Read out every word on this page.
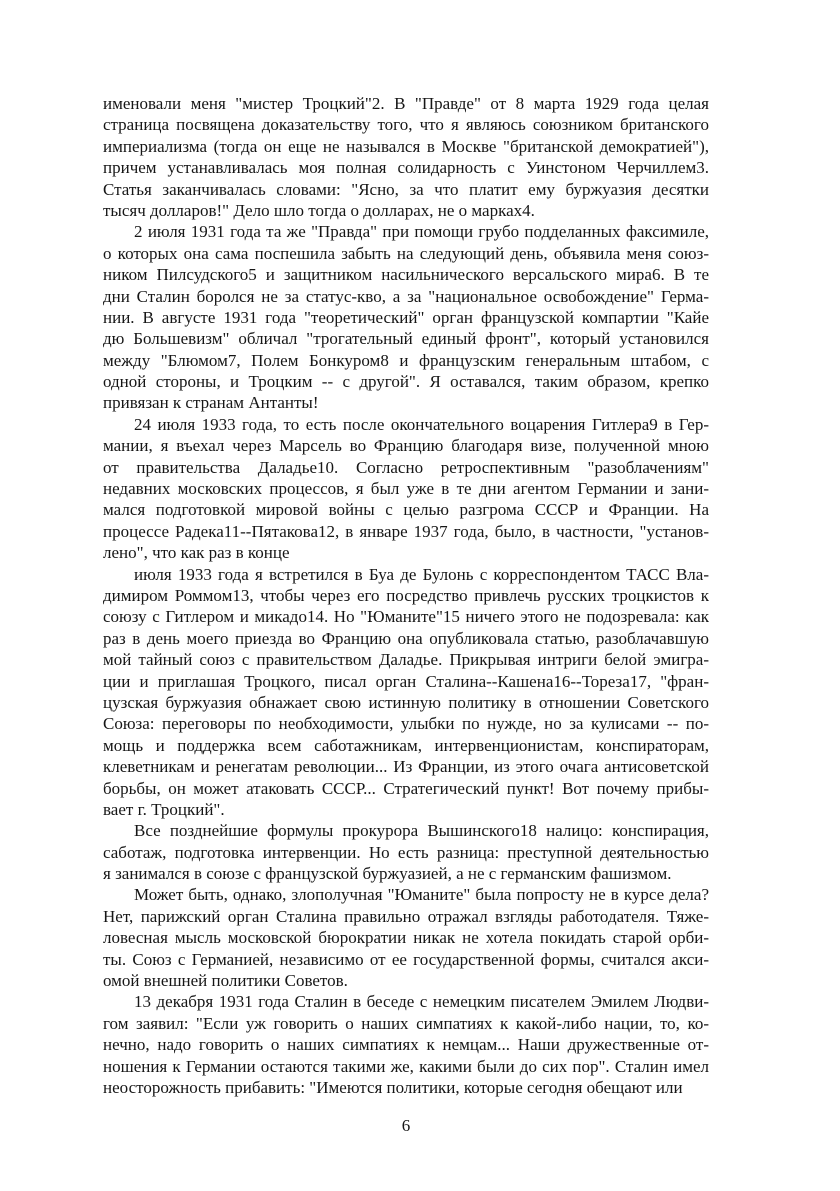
именовали меня "мистер Троцкий"2. В "Правде" от 8 марта 1929 года целая
страница посвящена доказательству того, что я являюсь союзником британского
империализма (тогда он еще не назывался в Москве "британской демократией"),
причем устанавливалась моя полная солидарность с Уинстоном Черчиллем3.
Статья заканчивалась словами: "Ясно, за что платит ему буржуазия десятки
тысяч долларов!" Дело шло тогда о долларах, не о марках4.
2 июля 1931 года та же "Правда" при помощи грубо подделанных факсимиле,
о которых она сама поспешила забыть на следующий день, объявила меня союз-
ником Пилсудского5 и защитником насильнического версальского мира6. В те
дни Сталин боролся не за статус-кво, а за "национальное освобождение" Герма-
нии. В августе 1931 года "теоретический" орган французской компартии "Кайе
дю Большевизм" обличал "трогательный единый фронт", который установился
между "Блюмом7, Полем Бонкуром8 и французским генеральным штабом, с
одной стороны, и Троцким -- с другой". Я оставался, таким образом, крепко
привязан к странам Антанты!
24 июля 1933 года, то есть после окончательного воцарения Гитлера9 в Гер-
мании, я въехал через Марсель во Францию благодаря визе, полученной мною
от правительства Даладье10. Согласно ретроспективным "разоблачениям"
недавних московских процессов, я был уже в те дни агентом Германии и зани-
мался подготовкой мировой войны с целью разгрома СССР и Франции. На
процессе Радека11--Пятакова12, в январе 1937 года, было, в частности, "установ-
лено", что как раз в конце
июля 1933 года я встретился в Буа де Булонь с корреспондентом ТАСС Вла-
димиром Роммом13, чтобы через его посредство привлечь русских троцкистов к
союзу с Гитлером и микадо14. Но "Юманите"15 ничего этого не подозревала: как
раз в день моего приезда во Францию она опубликовала статью, разоблачавшую
мой тайный союз с правительством Даладье. Прикрывая интриги белой эмигра-
ции и приглашая Троцкого, писал орган Сталина--Кашена16--Тореза17, "фран-
цузская буржуазия обнажает свою истинную политику в отношении Советского
Союза: переговоры по необходимости, улыбки по нужде, но за кулисами -- по-
мощь и поддержка всем саботажникам, интервенционистам, конспираторам,
клеветникам и ренегатам революции... Из Франции, из этого очага антисоветской
борьбы, он может атаковать СССР... Стратегический пункт! Вот почему прибы-
вает г. Троцкий".
Все позднейшие формулы прокурора Вышинского18 налицо: конспирация,
саботаж, подготовка интервенции. Но есть разница: преступной деятельностью
я занимался в союзе с французской буржуазией, а не с германским фашизмом.
Может быть, однако, злополучная "Юманите" была попросту не в курсе дела?
Нет, парижский орган Сталина правильно отражал взгляды работодателя. Тяже-
ловесная мысль московской бюрократии никак не хотела покидать старой орби-
ты. Союз с Германией, независимо от ее государственной формы, считался акси-
омой внешней политики Советов.
13 декабря 1931 года Сталин в беседе с немецким писателем Эмилем Людви-
гом заявил: "Если уж говорить о наших симпатиях к какой-либо нации, то, ко-
нечно, надо говорить о наших симпатиях к немцам... Наши дружественные от-
ношения к Германии остаются такими же, какими были до сих пор". Сталин имел
неосторожность прибавить: "Имеются политики, которые сегодня обещают или
6
